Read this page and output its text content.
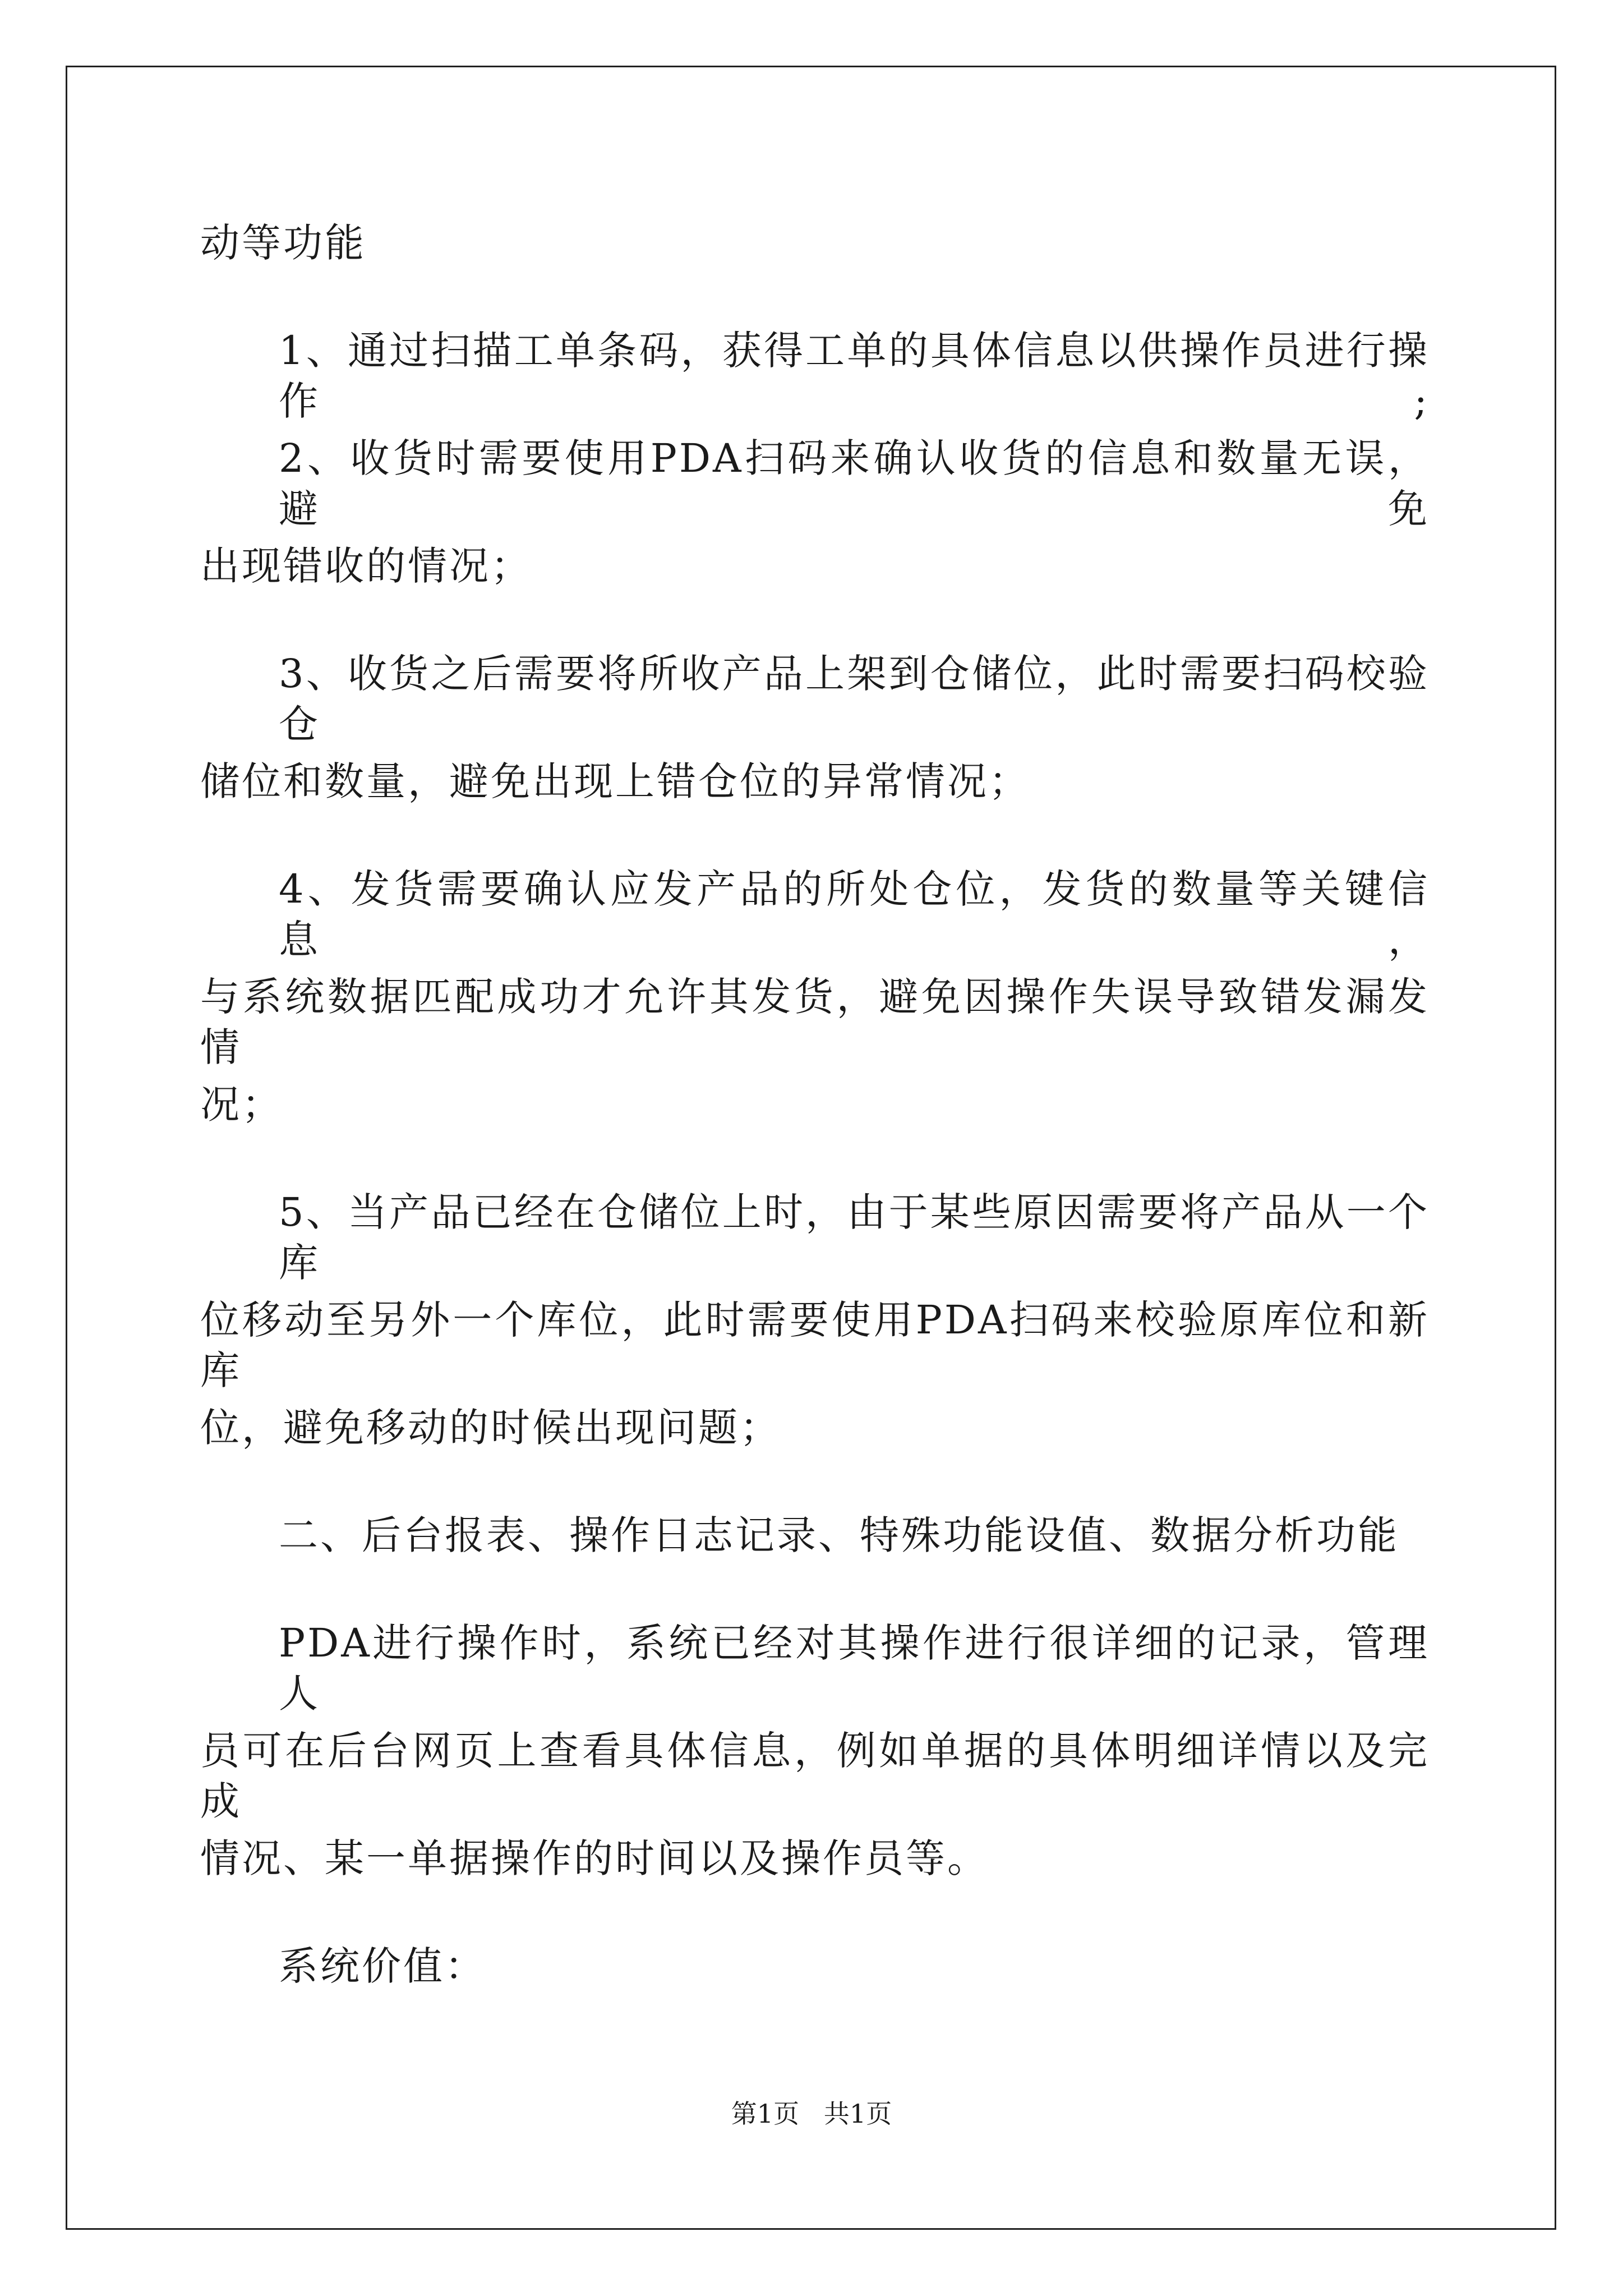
动等功能
1、通过扫描工单条码，获得工单的具体信息以供操作员进行操作;
2、收货时需要使用PDA扫码来确认收货的信息和数量无误，避免
出现错收的情况；
3、收货之后需要将所收产品上架到仓储位，此时需要扫码校验仓
储位和数量，避免出现上错仓位的异常情况；
4、发货需要确认应发产品的所处仓位，发货的数量等关键信息，
与系统数据匹配成功才允许其发货，避免因操作失误导致错发漏发情
况；
5、当产品已经在仓储位上时，由于某些原因需要将产品从一个库
位移动至另外一个库位，此时需要使用PDA扫码来校验原库位和新库
位，避免移动的时候出现问题；
二、后台报表、操作日志记录、特殊功能设值、数据分析功能
PDA进行操作时，系统已经对其操作进行很详细的记录，管理人
员可在后台网页上查看具体信息，例如单据的具体明细详情以及完成
情况、某一单据操作的时间以及操作员等。
系统价值：
第1页   共1页
